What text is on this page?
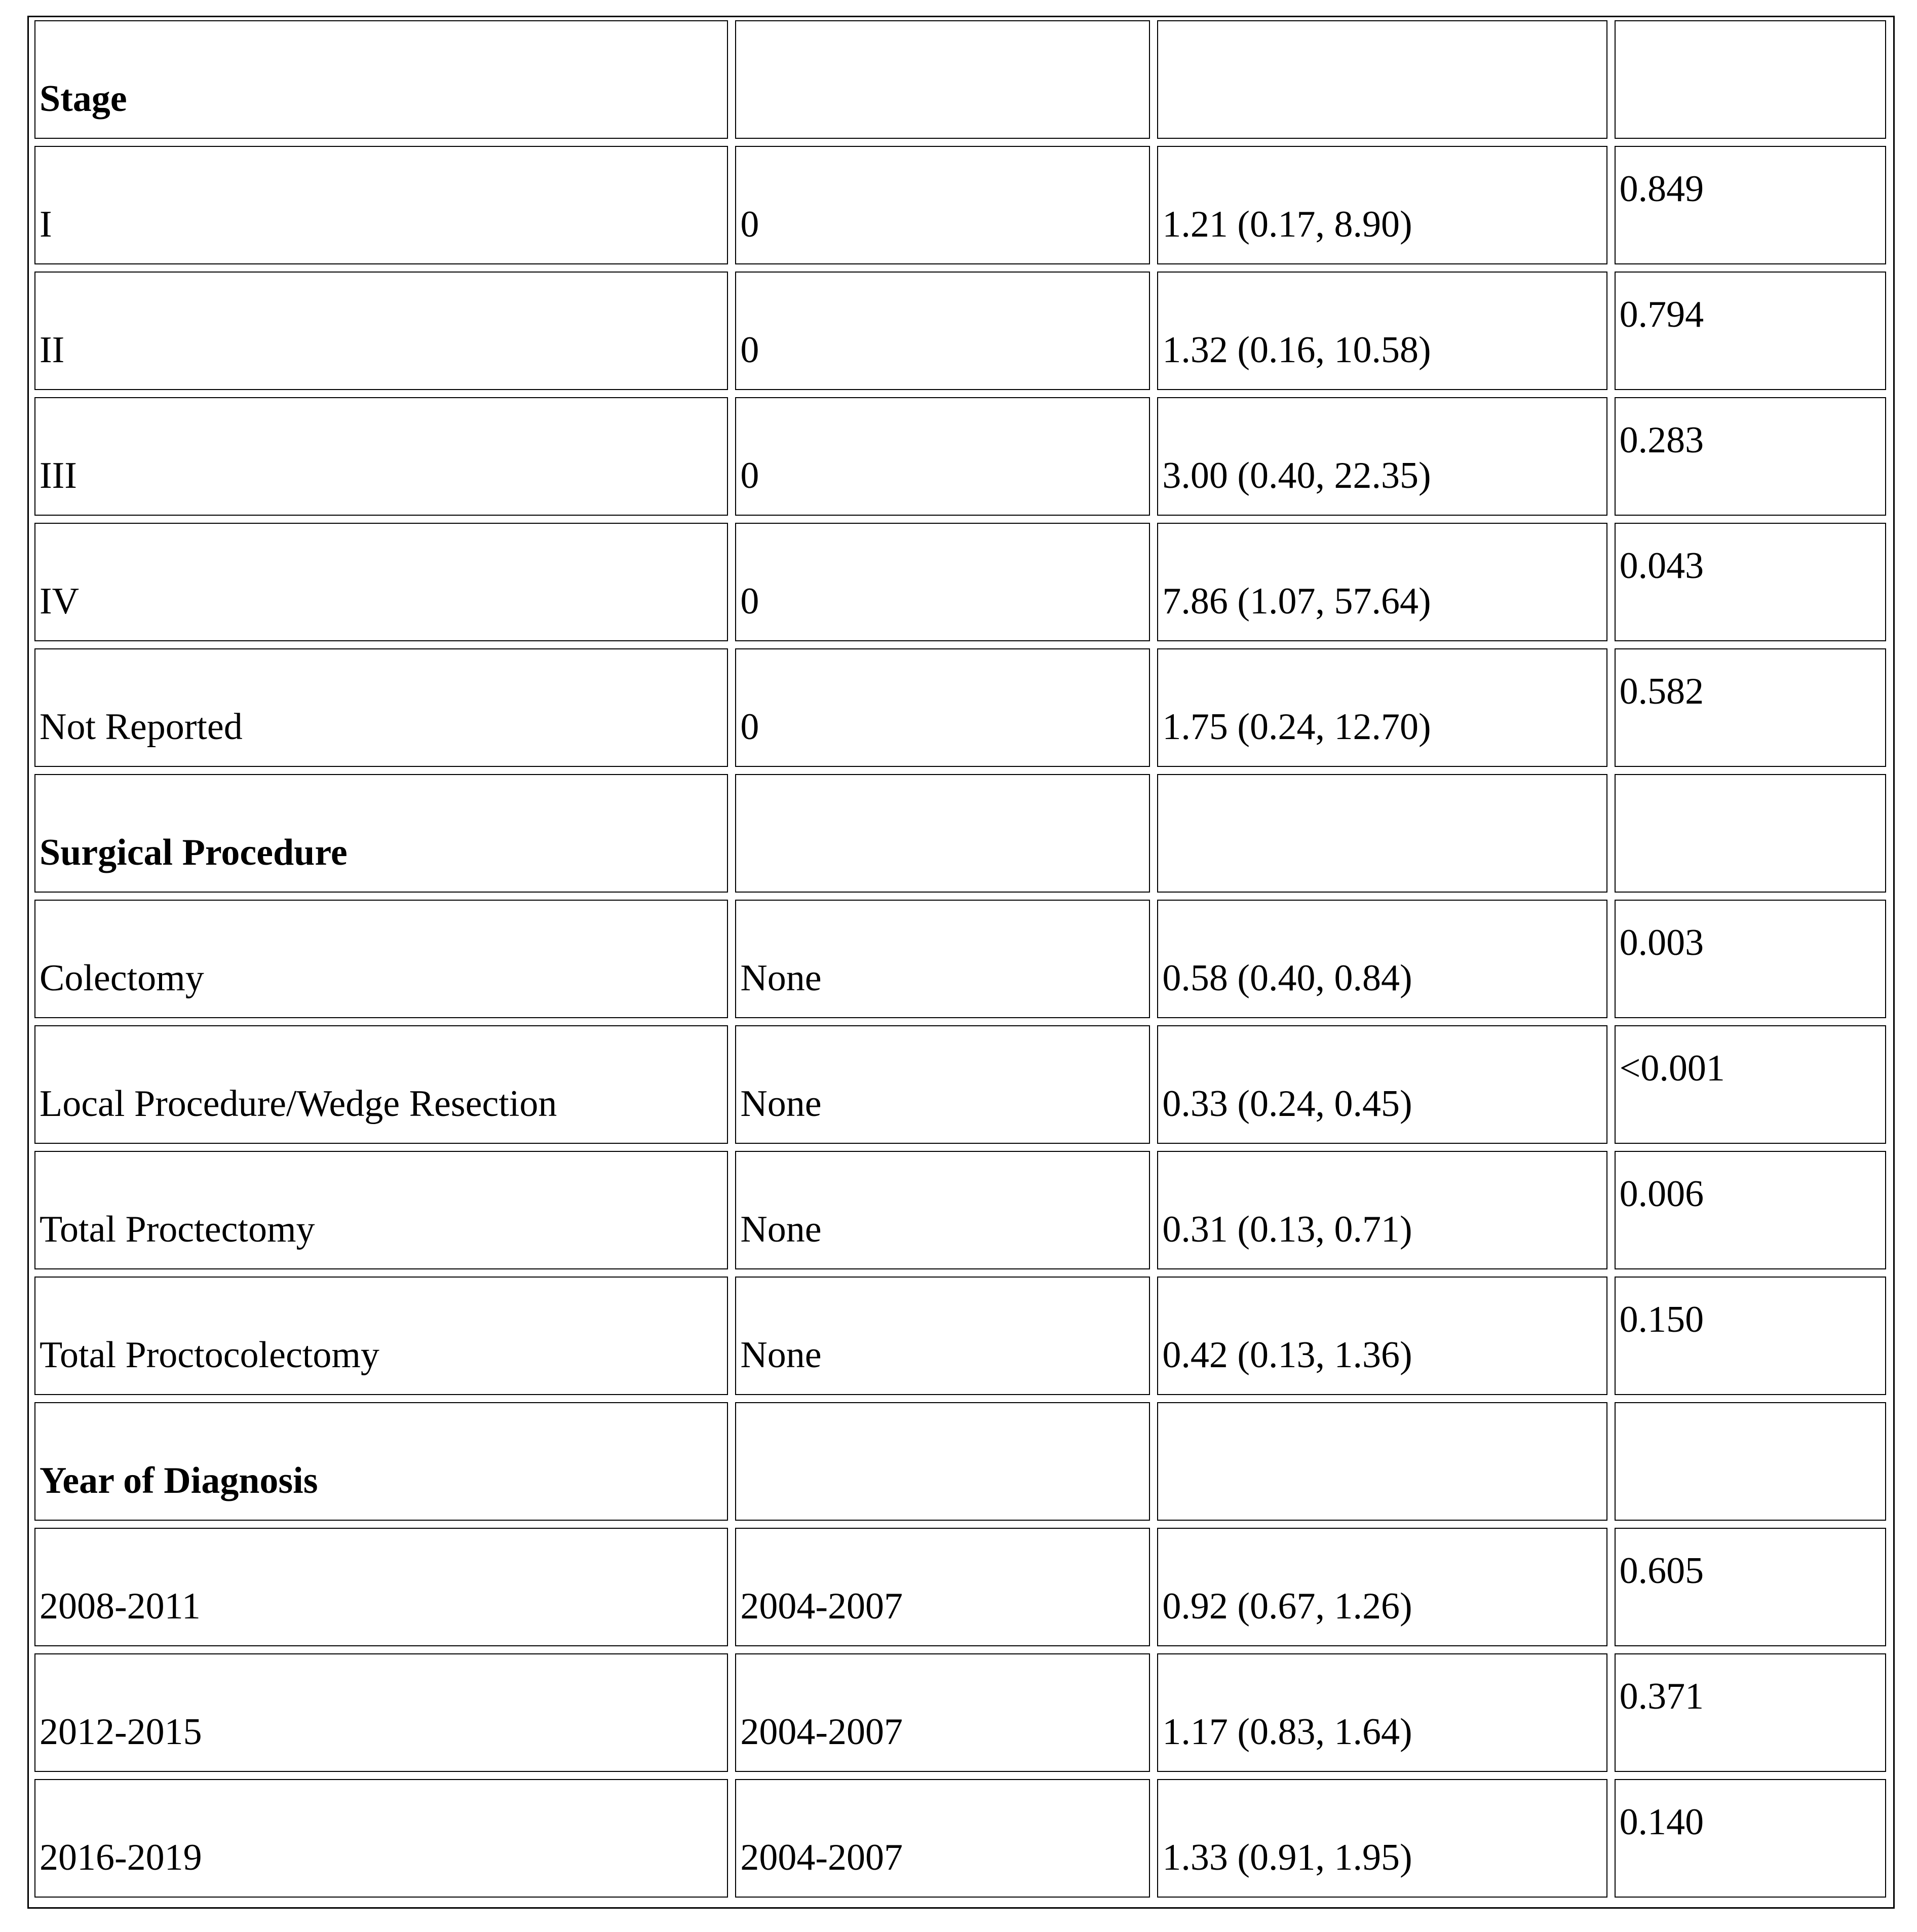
Stage			

I	0	1.21 (0.17, 8.90)	0.849

II	0	1.32 (0.16, 10.58)	0.794

III	0	3.00 (0.40, 22.35)	0.283

IV	0	7.86 (1.07, 57.64)	0.043

Not Reported	0	1.75 (0.24, 12.70)	0.582

Surgical Procedure			

Colectomy	None	0.58 (0.40, 0.84)	0.003

Local Procedure/Wedge Resection	None	0.33 (0.24, 0.45)	<0.001

Total Proctectomy	None	0.31 (0.13, 0.71)	0.006

Total Proctocolectomy	None	0.42 (0.13, 1.36)	0.150

Year of Diagnosis			

2008-2011	2004-2007	0.92 (0.67, 1.26)	0.605

2012-2015	2004-2007	1.17 (0.83, 1.64)	0.371

2016-2019	2004-2007	1.33 (0.91, 1.95)	0.140
